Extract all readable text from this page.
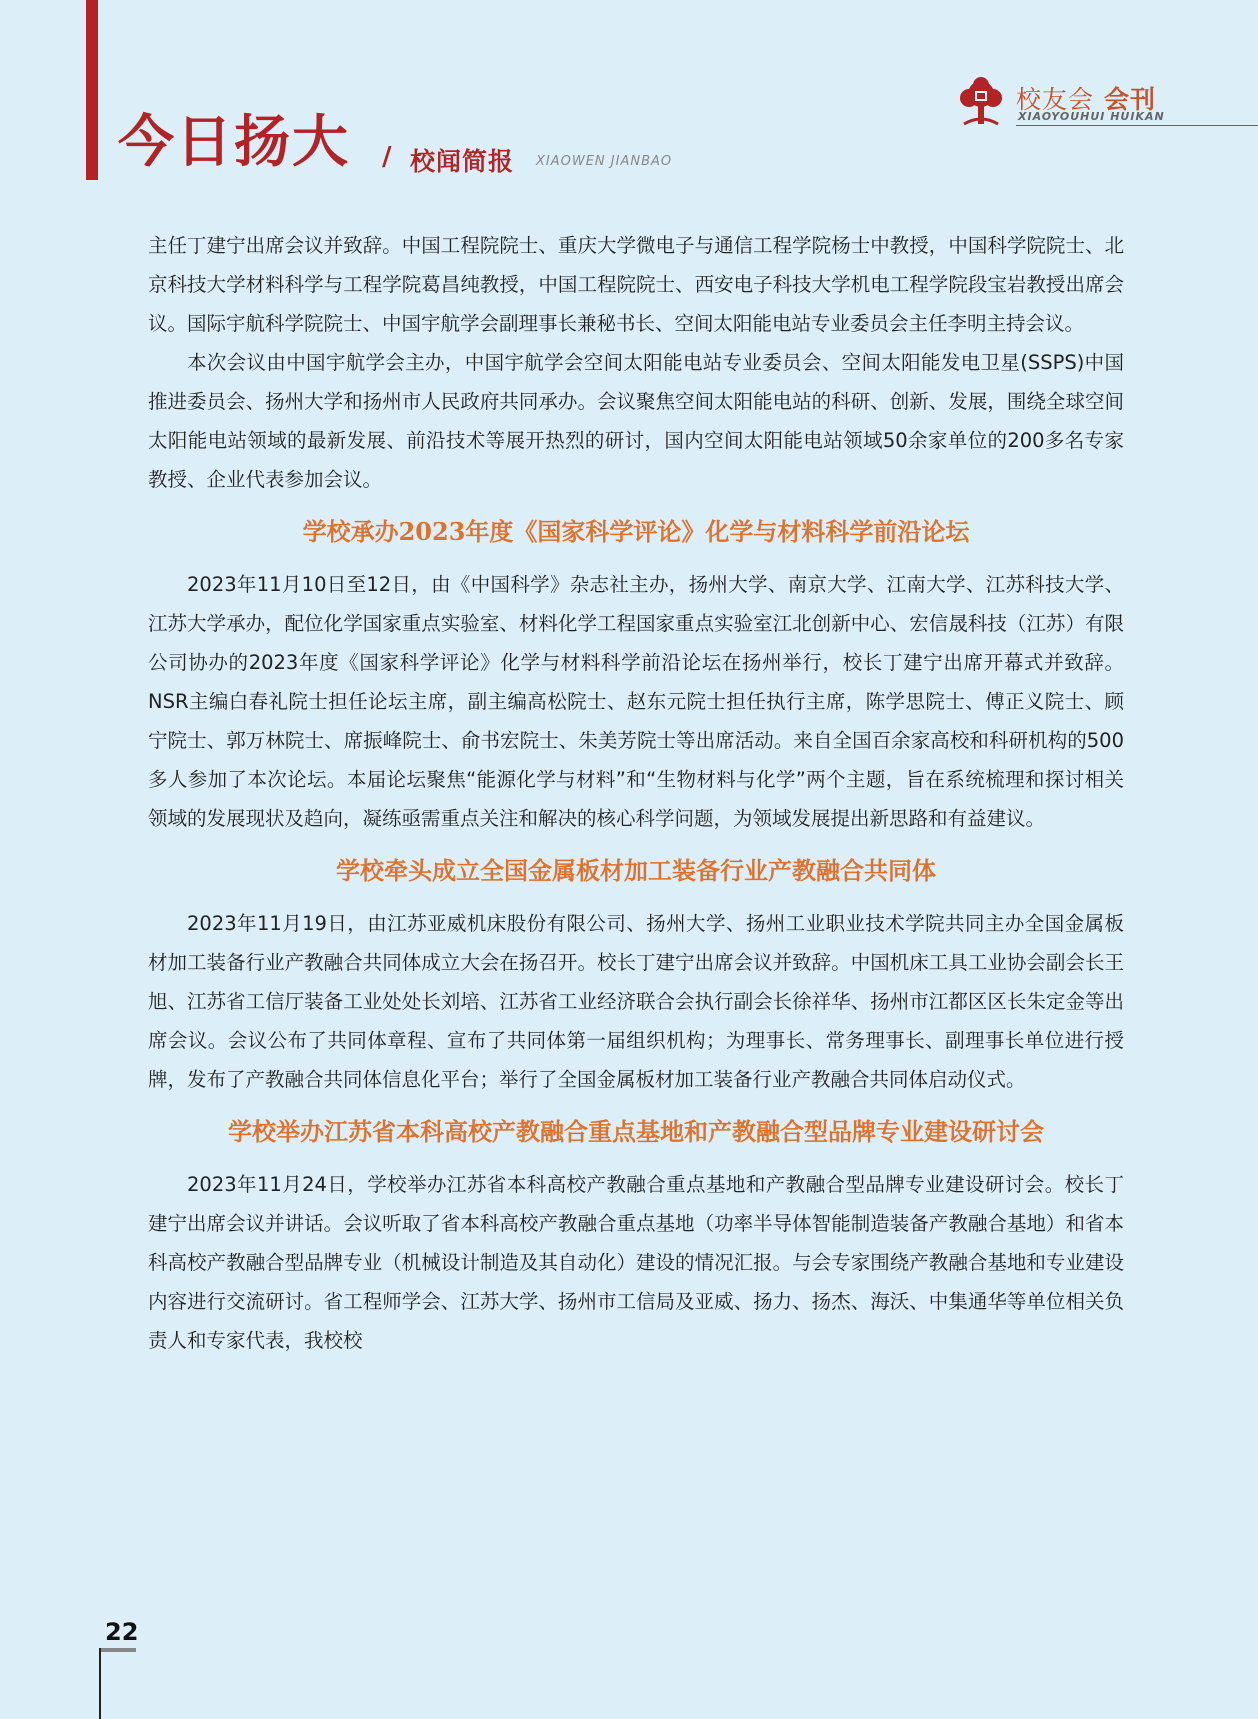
今日扬大 / 校闻简报 XIAOWEN JIANBAO
校友会 会刊
XIAOYOUHUI HUIKAN

主任丁建宁出席会议并致辞。中国工程院院士、重庆大学微电子与通信工程学院杨士中教授，中国科学院院士、北京科技大学材料科学与工程学院葛昌纯教授，中国工程院院士、西安电子科技大学机电工程学院段宝岩教授出席会议。国际宇航科学院院士、中国宇航学会副理事长兼秘书长、空间太阳能电站专业委员会主任李明主持会议。

本次会议由中国宇航学会主办，中国宇航学会空间太阳能电站专业委员会、空间太阳能发电卫星(SSPS)中国推进委员会、扬州大学和扬州市人民政府共同承办。会议聚焦空间太阳能电站的科研、创新、发展，围绕全球空间太阳能电站领域的最新发展、前沿技术等展开热烈的研讨，国内空间太阳能电站领域50余家单位的200多名专家教授、企业代表参加会议。

学校承办2023年度《国家科学评论》化学与材料科学前沿论坛

2023年11月10日至12日，由《中国科学》杂志社主办，扬州大学、南京大学、江南大学、江苏科技大学、江苏大学承办，配位化学国家重点实验室、材料化学工程国家重点实验室江北创新中心、宏信晟科技（江苏）有限公司协办的2023年度《国家科学评论》化学与材料科学前沿论坛在扬州举行，校长丁建宁出席开幕式并致辞。NSR主编白春礼院士担任论坛主席，副主编高松院士、赵东元院士担任执行主席，陈学思院士、傅正义院士、顾宁院士、郭万林院士、席振峰院士、俞书宏院士、朱美芳院士等出席活动。来自全国百余家高校和科研机构的500多人参加了本次论坛。本届论坛聚焦“能源化学与材料”和“生物材料与化学”两个主题，旨在系统梳理和探讨相关领域的发展现状及趋向，凝练亟需重点关注和解决的核心科学问题，为领域发展提出新思路和有益建议。

学校牵头成立全国金属板材加工装备行业产教融合共同体

2023年11月19日，由江苏亚威机床股份有限公司、扬州大学、扬州工业职业技术学院共同主办全国金属板材加工装备行业产教融合共同体成立大会在扬召开。校长丁建宁出席会议并致辞。中国机床工具工业协会副会长王旭、江苏省工信厅装备工业处处长刘培、江苏省工业经济联合会执行副会长徐祥华、扬州市江都区区长朱定金等出席会议。会议公布了共同体章程、宣布了共同体第一届组织机构；为理事长、常务理事长、副理事长单位进行授牌，发布了产教融合共同体信息化平台；举行了全国金属板材加工装备行业产教融合共同体启动仪式。

学校举办江苏省本科高校产教融合重点基地和产教融合型品牌专业建设研讨会

2023年11月24日，学校举办江苏省本科高校产教融合重点基地和产教融合型品牌专业建设研讨会。校长丁建宁出席会议并讲话。会议听取了省本科高校产教融合重点基地（功率半导体智能制造装备产教融合基地）和省本科高校产教融合型品牌专业（机械设计制造及其自动化）建设的情况汇报。与会专家围绕产教融合基地和专业建设内容进行交流研讨。省工程师学会、江苏大学、扬州市工信局及亚威、扬力、扬杰、海沃、中集通华等单位相关负责人和专家代表，我校校

22
